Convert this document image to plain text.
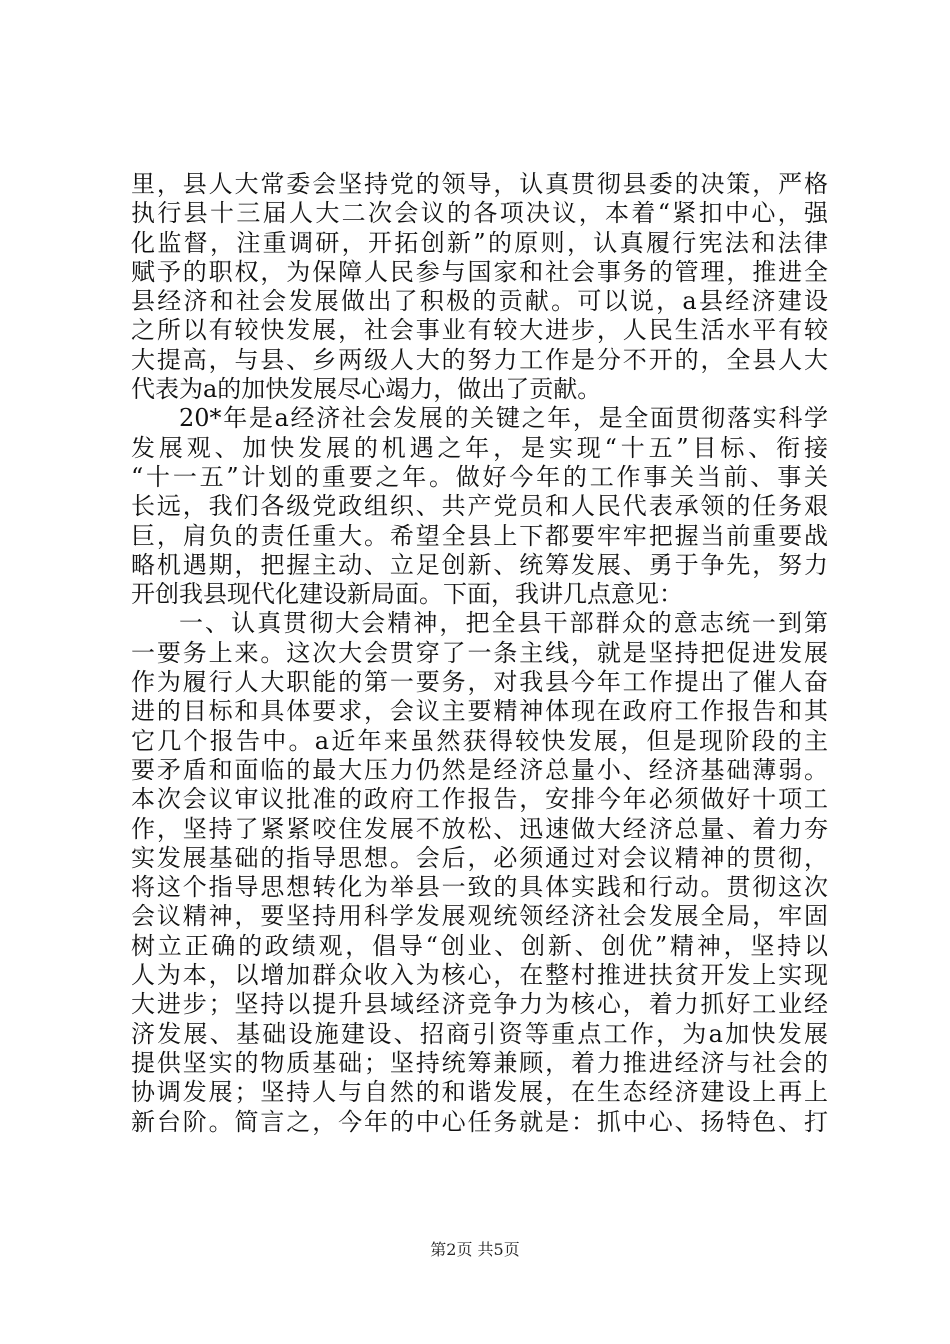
里，县人大常委会坚持党的领导，认真贯彻县委的决策，严格
执行县十三届人大二次会议的各项决议，本着“紧扣中心，强
化监督，注重调研，开拓创新”的原则，认真履行宪法和法律
赋予的职权，为保障人民参与国家和社会事务的管理，推进全
县经济和社会发展做出了积极的贡献。可以说，a县经济建设
之所以有较快发展，社会事业有较大进步，人民生活水平有较
大提高，与县、乡两级人大的努力工作是分不开的，全县人大
代表为a的加快发展尽心竭力，做出了贡献。
20*年是a经济社会发展的关键之年，是全面贯彻落实科学
发展观、加快发展的机遇之年，是实现“十五”目标、衔接
“十一五”计划的重要之年。做好今年的工作事关当前、事关
长远，我们各级党政组织、共产党员和人民代表承领的任务艰
巨，肩负的责任重大。希望全县上下都要牢牢把握当前重要战
略机遇期，把握主动、立足创新、统筹发展、勇于争先，努力
开创我县现代化建设新局面。下面，我讲几点意见：
一、认真贯彻大会精神，把全县干部群众的意志统一到第
一要务上来。这次大会贯穿了一条主线，就是坚持把促进发展
作为履行人大职能的第一要务，对我县今年工作提出了催人奋
进的目标和具体要求，会议主要精神体现在政府工作报告和其
它几个报告中。a近年来虽然获得较快发展，但是现阶段的主
要矛盾和面临的最大压力仍然是经济总量小、经济基础薄弱。
本次会议审议批准的政府工作报告，安排今年必须做好十项工
作，坚持了紧紧咬住发展不放松、迅速做大经济总量、着力夯
实发展基础的指导思想。会后，必须通过对会议精神的贯彻，
将这个指导思想转化为举县一致的具体实践和行动。贯彻这次
会议精神，要坚持用科学发展观统领经济社会发展全局，牢固
树立正确的政绩观，倡导“创业、创新、创优”精神，坚持以
人为本，以增加群众收入为核心，在整村推进扶贫开发上实现
大进步；坚持以提升县域经济竞争力为核心，着力抓好工业经
济发展、基础设施建设、招商引资等重点工作，为a加快发展
提供坚实的物质基础；坚持统筹兼顾，着力推进经济与社会的
协调发展；坚持人与自然的和谐发展，在生态经济建设上再上
新台阶。简言之，今年的中心任务就是：抓中心、扬特色、打
第2页 共5页
